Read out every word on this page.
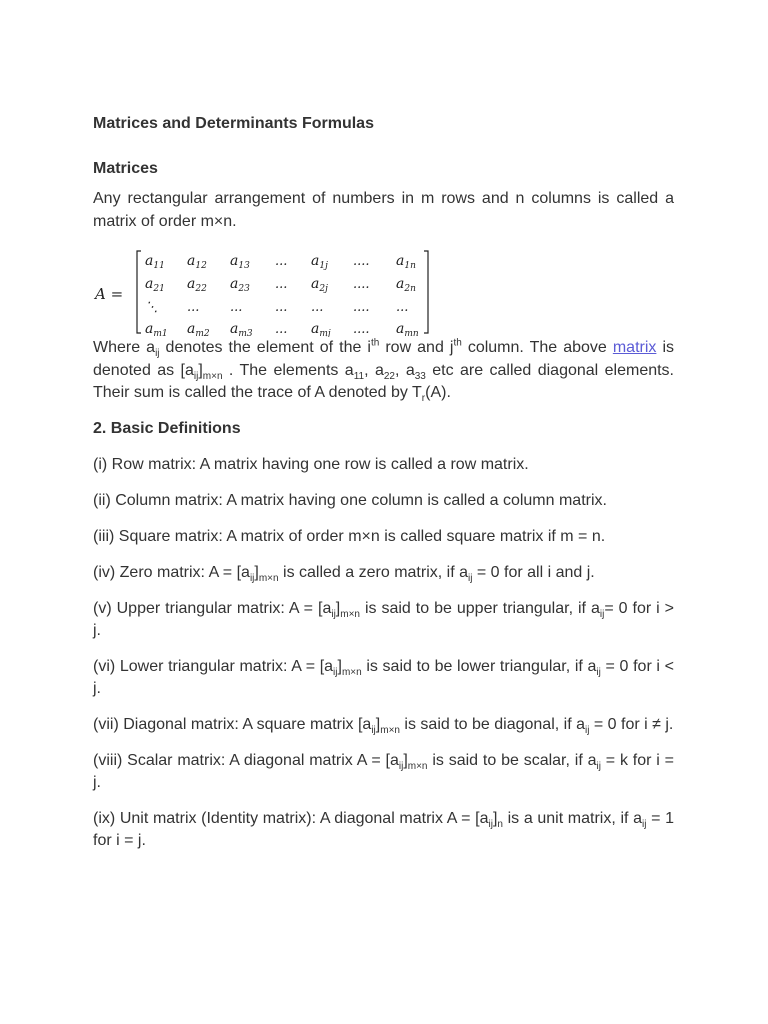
Matrices and Determinants Formulas

Matrices

Any rectangular arrangement of numbers in m rows and n columns is called a matrix of order m×n.

A =
$a_{11}$ $a_{12}$ $a_{13}$ ... $a_{1j}$ .... $a_{1n}$
$a_{21}$ $a_{22}$ $a_{23}$ ... $a_{2j}$ .... $a_{2n}$
⋱ ... ...	... ... .... ...
$a_{m1}$ $a_{m2}$ $a_{m3}$ ... $a_{mj}$ .... $a_{mn}$

Where $a_{ij}$ denotes the element of the $i^{th}$ row and $j^{th}$ column. The above matrix is denoted as $[a_{ij}]_{m\times n}$ . The elements $a_{11}$, $a_{22}$, $a_{33}$ etc are called diagonal elements. Their sum is called the trace of A denoted by $T_r(A)$.

2. Basic Definitions

(i) Row matrix: A matrix having one row is called a row matrix.

(ii) Column matrix: A matrix having one column is called a column matrix.

(iii) Square matrix: A matrix of order m×n is called square matrix if m = n.

(iv) Zero matrix: $A = [a_{ij}]_{m\times n}$ is called a zero matrix, if $a_{ij} = 0$ for all i and j.

(v) Upper triangular matrix: $A = [a_{ij}]_{m\times n}$ is said to be upper triangular, if $a_{ij}= 0$ for i > j.

(vi) Lower triangular matrix: $A = [a_{ij}]_{m\times n}$ is said to be lower triangular, if $a_{ij} = 0$ for i < j.

(vii) Diagonal matrix: A square matrix $[a_{ij}]_{m\times n}$ is said to be diagonal, if $a_{ij} = 0$ for i ≠ j.

(viii) Scalar matrix: A diagonal matrix $A = [a_{ij}]_{m\times n}$ is said to be scalar, if $a_{ij} = k$ for i = j.

(ix) Unit matrix (Identity matrix): A diagonal matrix $A = [a_{ij}]_n$ is a unit matrix, if $a_{ij} = 1$ for i = j.
